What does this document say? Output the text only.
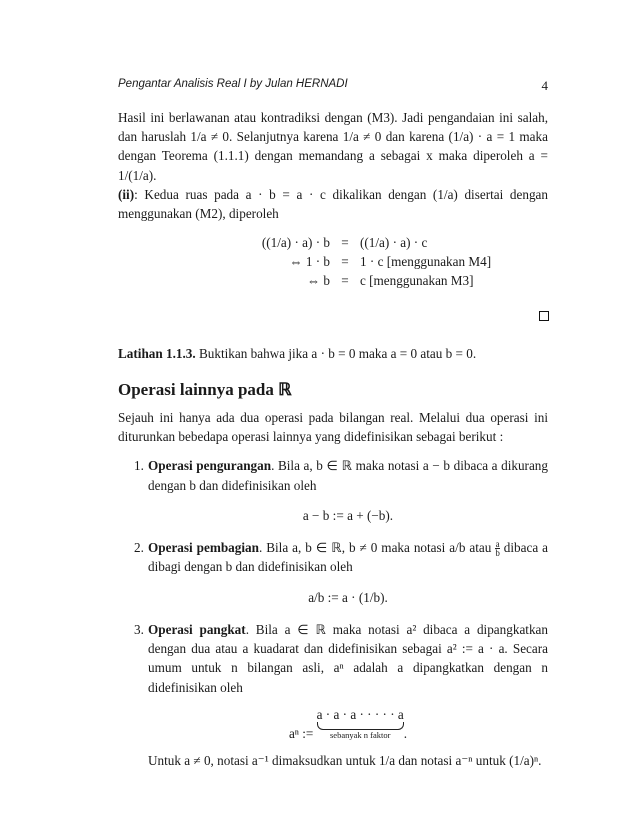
Pengantar Analisis Real I by Julan HERNADI	4

Hasil ini berlawanan atau kontradiksi dengan (M3). Jadi pengandaian ini salah, dan haruslah 1/a ≠ 0. Selanjutnya karena 1/a ≠ 0 dan karena (1/a) · a = 1 maka dengan Teorema (1.1.1) dengan memandang a sebagai x maka diperoleh a = 1/(1/a).

(ii): Kedua ruas pada a · b = a · c dikalikan dengan (1/a) disertai dengan menggunakan (M2), diperoleh

((1/a) · a) · b = ((1/a) · a) · c
⇔ 1 · b = 1 · c [menggunakan M4]
⇔ b = c [menggunakan M3]
Latihan 1.1.3. Buktikan bahwa jika a · b = 0 maka a = 0 atau b = 0.
Operasi lainnya pada ℝ

Sejauh ini hanya ada dua operasi pada bilangan real. Melalui dua operasi ini diturunkan bebedapa operasi lainnya yang didefinisikan sebagai berikut :

1. Operasi pengurangan. Bila a, b ∈ ℝ maka notasi a − b dibaca a dikurang dengan b dan didefinisikan oleh

a − b := a + (−b).
2. Operasi pembagian. Bila a, b ∈ ℝ, b ≠ 0 maka notasi a/b atau $\frac{a}{b}$ dibaca a dibagi dengan b dan didefinisikan oleh

a/b := a · (1/b).
3. Operasi pangkat. Bila a ∈ ℝ maka notasi a² dibaca a dipangkatkan dengan dua atau a kuadarat dan didefinisikan sebagai a² := a · a. Secara umum untuk n bilangan asli, aⁿ adalah a dipangkatkan dengan n didefinisikan oleh

aⁿ := a · a · a · · · · · a
sebanyak n faktor	.

Untuk a ≠ 0, notasi a⁻¹ dimaksudkan untuk 1/a dan notasi a⁻ⁿ untuk (1/a)ⁿ.
